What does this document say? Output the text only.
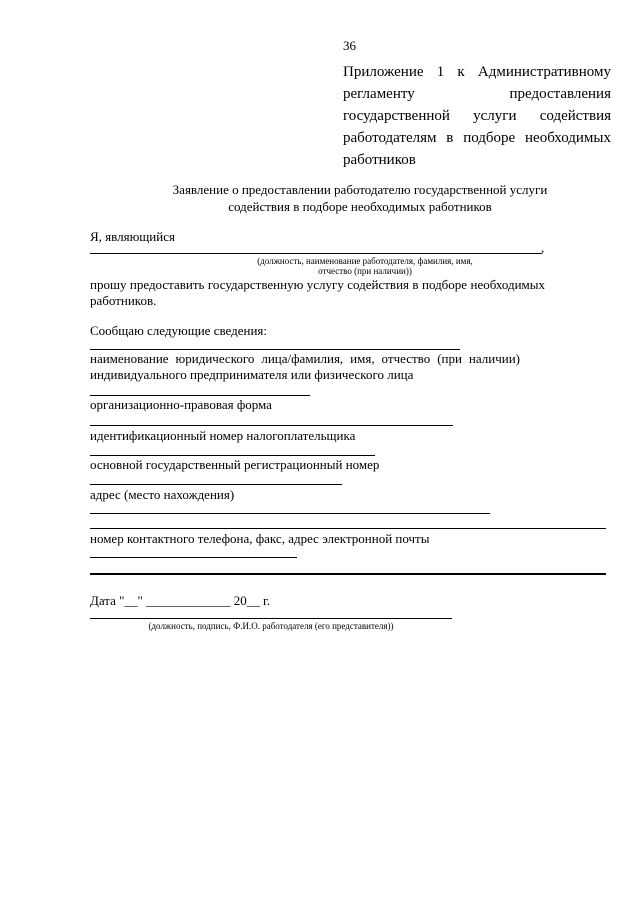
36
Приложение 1 к Административному регламенту предоставления государственной услуги содействия работодателям в подборе необходимых работников
Заявление о предоставлении работодателю государственной услуги
содействия в подборе необходимых работников
Я, являющийся
,
(должность, наименование работодателя, фамилия, имя,
отчество (при наличии))
прошу предоставить государственную услугу содействия в подборе необходимых работников.
Сообщаю следующие сведения:
наименование юридического лица/фамилия, имя, отчество (при наличии) индивидуального предпринимателя или физического лица
организационно-правовая форма
идентификационный номер налогоплательщика
основной государственный регистрационный номер
адрес (место нахождения)
номер контактного телефона, факс, адрес электронной почты
Дата "__" _____________ 20__ г.
(должность, подпись, Ф.И.О. работодателя (его представителя))
